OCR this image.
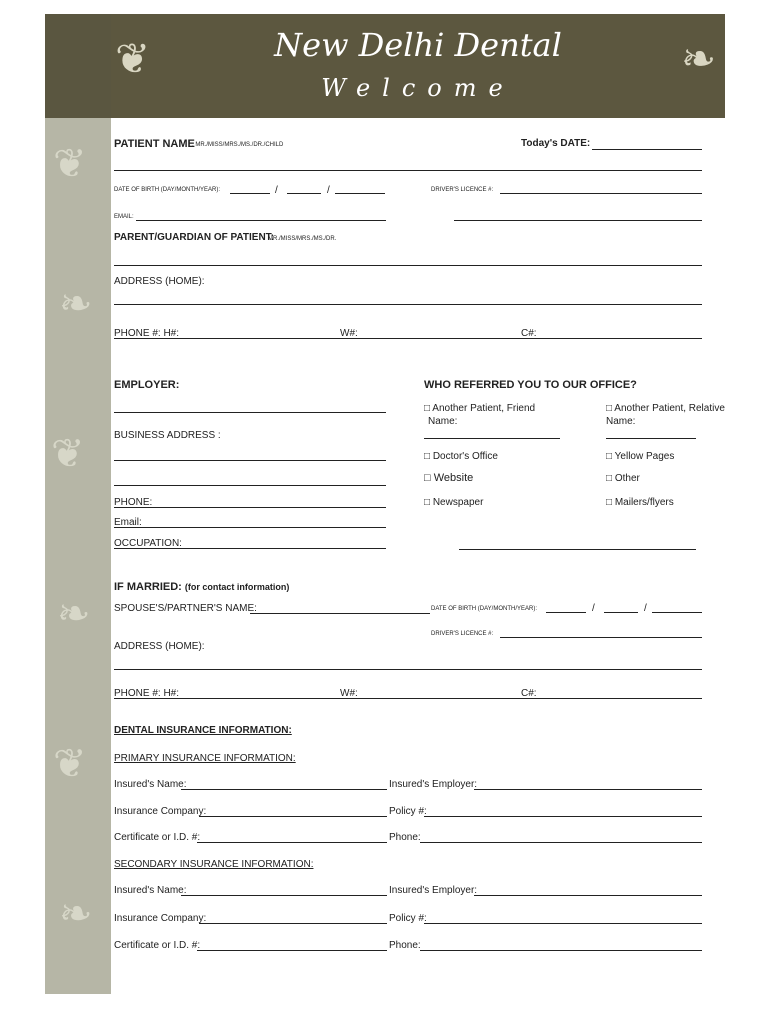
❦
❧
❦
❧
❦
❧
❦	❧
New Delhi Dental
Welcome
PATIENT NAME
: MR./MISS/MRS./MS./DR./CHILD	Today's DATE:
DATE OF BIRTH (DAY/MONTH/YEAR):	/	/	DRIVER'S LICENCE #:
EMAIL:
PARENT/GUARDIAN OF PATIENT:
MR./MISS/MRS./MS./DR.
ADDRESS (HOME):
PHONE #: H#:	W#:	C#:
EMPLOYER:
BUSINESS ADDRESS :
PHONE:
Email:
OCCUPATION:
WHO REFERRED YOU TO OUR OFFICE?
□ Another Patient, Friend
Name:
□ Another Patient, Relative
Name:
□ Doctor's Office	□ Yellow Pages
□ Website	□ Other
□ Newspaper	□ Mailers/flyers
IF MARRIED: (for contact information)
SPOUSE'S/PARTNER'S NAME:	DATE OF BIRTH (DAY/MONTH/YEAR):	/	/
DRIVER'S LICENCE #:
ADDRESS (HOME):
PHONE #: H#:	W#:	C#:
DENTAL INSURANCE INFORMATION:
PRIMARY INSURANCE INFORMATION:
Insured's Name:	Insured's Employer:
Insurance Company:	Policy #:
Certificate or I.D. #:	Phone:
SECONDARY INSURANCE INFORMATION:
Insured's Name:	Insured's Employer:
Insurance Company:	Policy #:
Certificate or I.D. #:	Phone:
